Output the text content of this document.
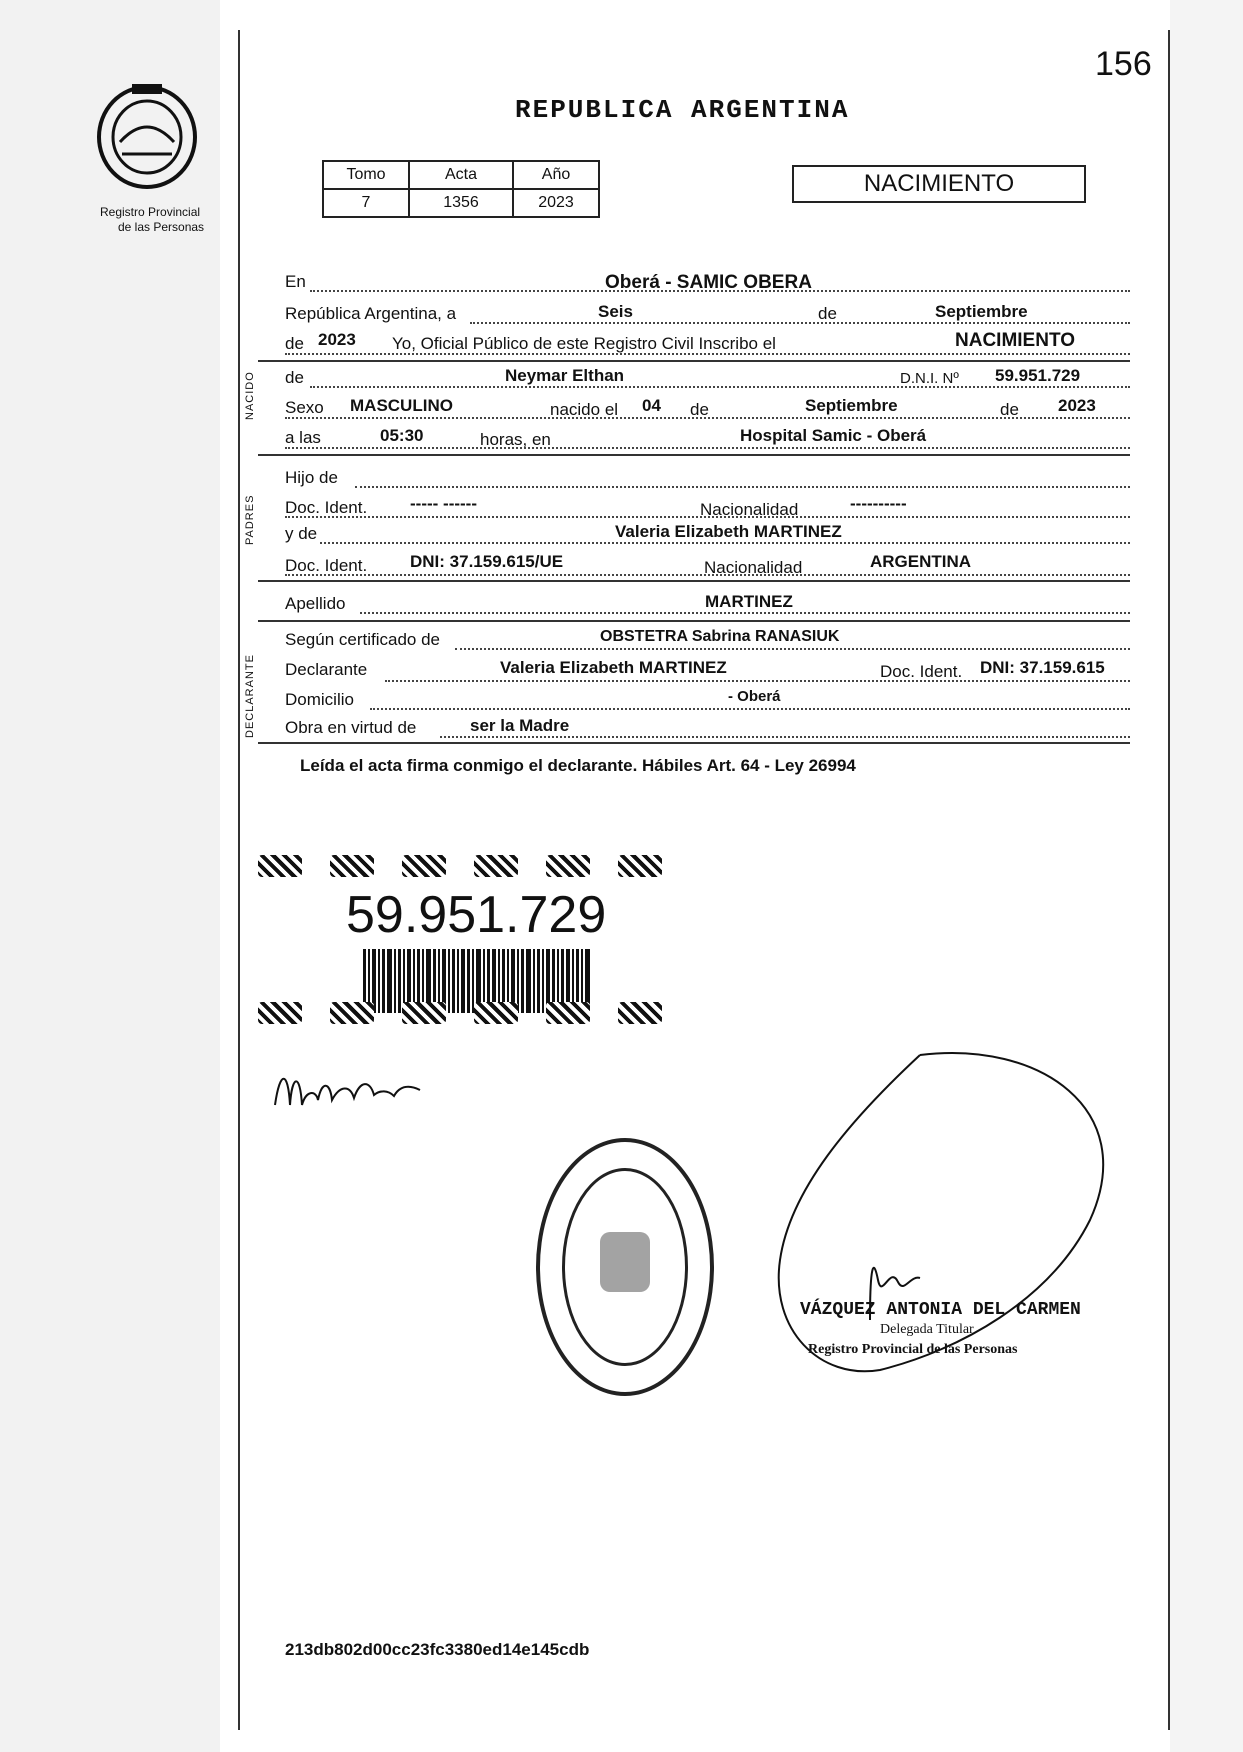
156
Registro Provincial
de las Personas
REPUBLICA ARGENTINA
Tomo	Acta	Año
7	1356	2023
NACIMIENTO
En	Oberá - SAMIC OBERA
República Argentina, a	Seis	de	Septiembre
de 2023 Yo, Oficial Público de este Registro Civil Inscribo el	NACIMIENTO
NACIDO de	Neymar Elthan	D.N.I. Nº 59.951.729
Sexo MASCULINO	nacido el 04 de	Septiembre	de 2023
a las	05:30	horas, en	Hospital Samic - Oberá
PADRES
Hijo de
Doc. Ident.	----- ------	Nacionalidad	----------
y de	Valeria Elizabeth MARTINEZ
Doc. Ident.	DNI: 37.159.615/UE	Nacionalidad	ARGENTINA
Apellido	MARTINEZ
DECLARANTE
Según certificado de	OBSTETRA Sabrina RANASIUK
Declarante	Valeria Elizabeth MARTINEZ	Doc. Ident. DNI: 37.159.615
Domicilio	- Oberá
Obra en virtud de	ser la Madre
Leída el acta firma conmigo el declarante. Hábiles Art. 64 - Ley 26994
59.951.729
VÁZQUEZ ANTONIA DEL CARMEN
Delegada Titular
Registro Provincial de las Personas
213db802d00cc23fc3380ed14e145cdb
